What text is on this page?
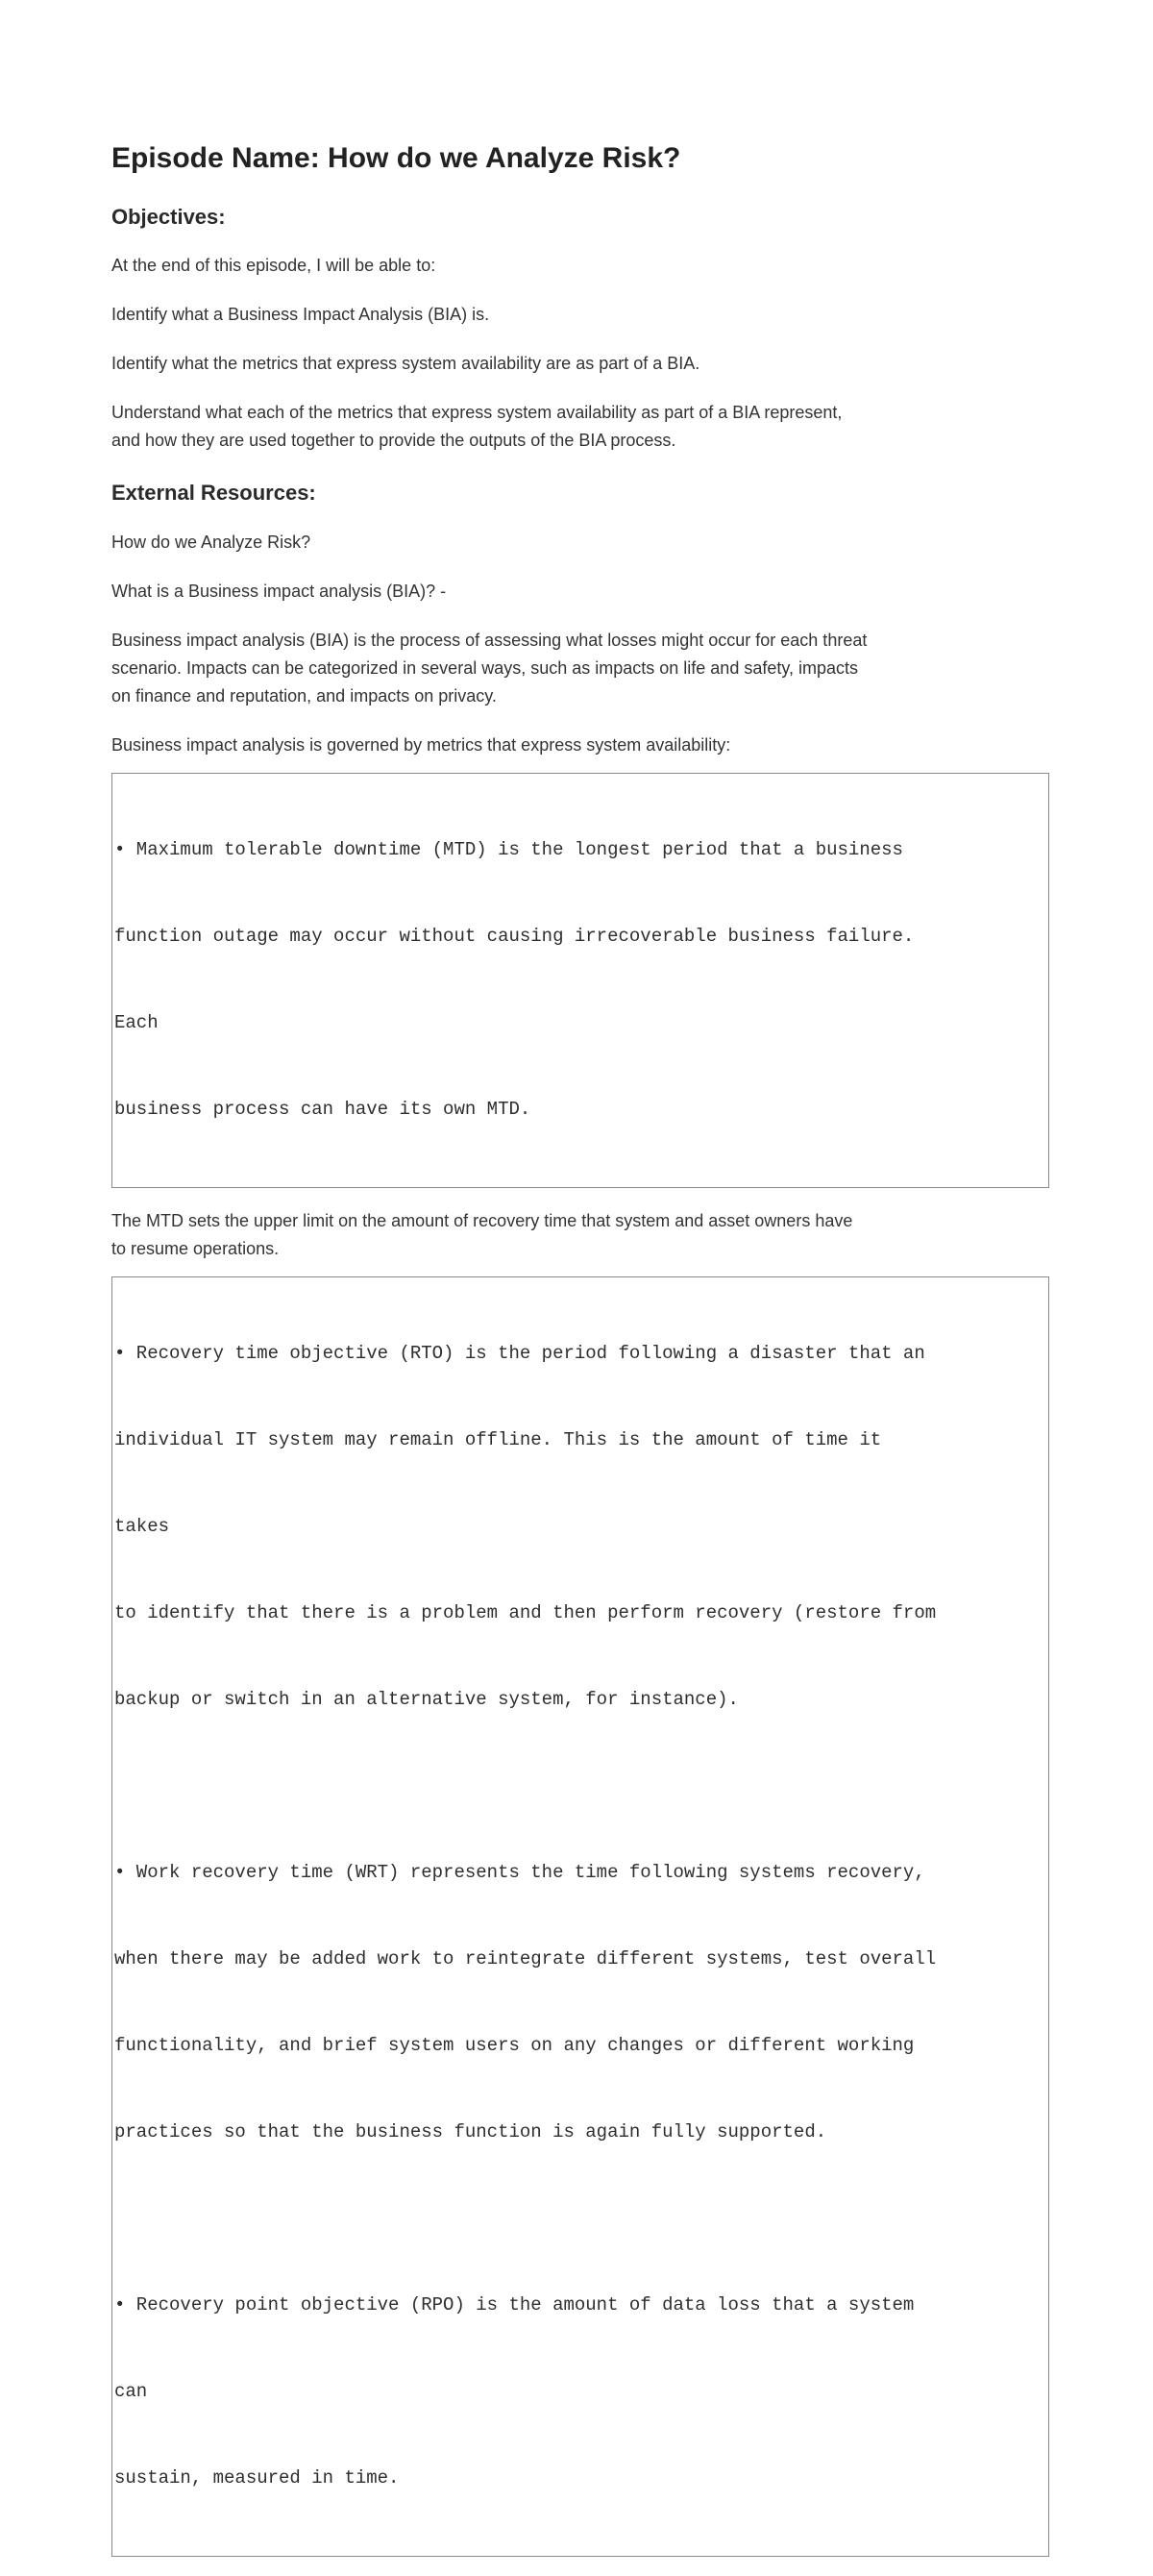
Episode Name: How do we Analyze Risk?
Objectives:

At the end of this episode, I will be able to:

Identify what a Business Impact Analysis (BIA) is.

Identify what the metrics that express system availability are as part of a BIA.

Understand what each of the metrics that express system availability as part of a BIA represent, and how they are used together to provide the outputs of the BIA process.

External Resources:

How do we Analyze Risk?

What is a Business impact analysis (BIA)? -

Business impact analysis (BIA) is the process of assessing what losses might occur for each threat scenario. Impacts can be categorized in several ways, such as impacts on life and safety, impacts on finance and reputation, and impacts on privacy.

Business impact analysis is governed by metrics that express system availability:

• Maximum tolerable downtime (MTD) is the longest period that a business

function outage may occur without causing irrecoverable business failure.

Each

business process can have its own MTD.

The MTD sets the upper limit on the amount of recovery time that system and asset owners have to resume operations.

• Recovery time objective (RTO) is the period following a disaster that an

individual IT system may remain offline. This is the amount of time it

takes

to identify that there is a problem and then perform recovery (restore from

backup or switch in an alternative system, for instance).

• Work recovery time (WRT) represents the time following systems recovery,

when there may be added work to reintegrate different systems, test overall

functionality, and brief system users on any changes or different working

practices so that the business function is again fully supported.

• Recovery point objective (RPO) is the amount of data loss that a system

can

sustain, measured in time.
